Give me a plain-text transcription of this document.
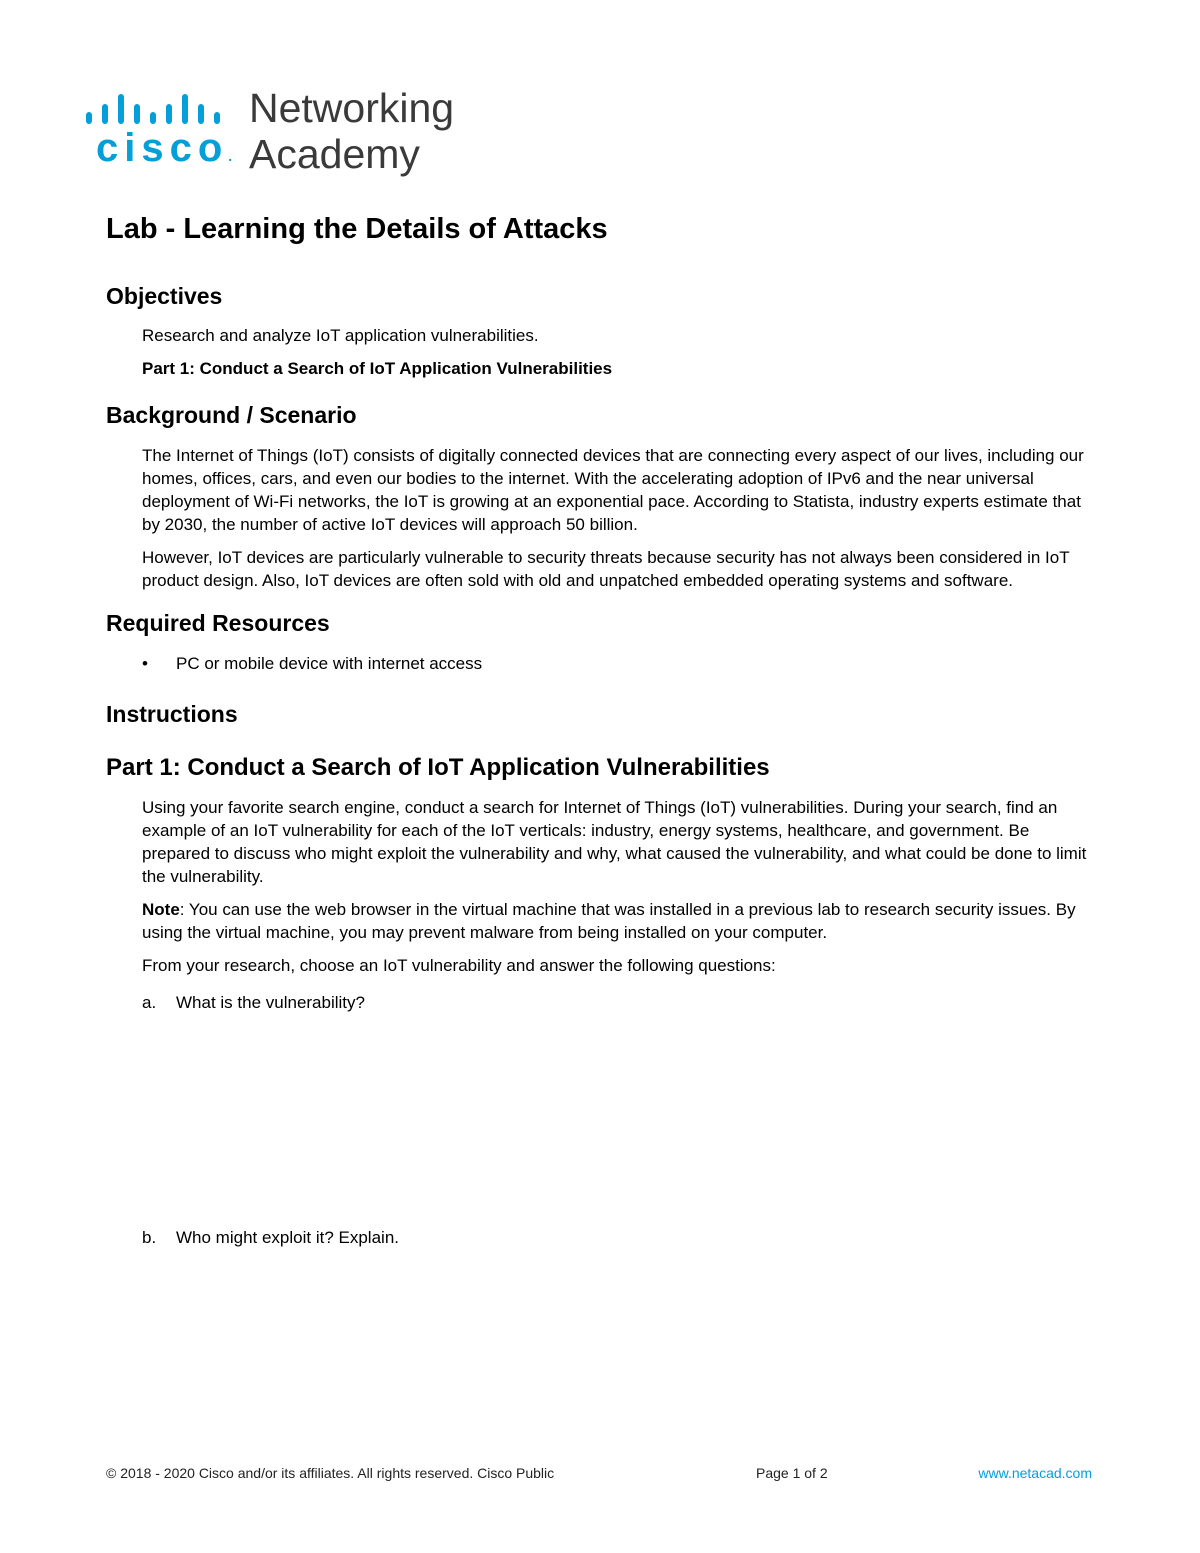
cisco.
Networking
Academy
Lab - Learning the Details of Attacks
Objectives

Research and analyze IoT application vulnerabilities.

Part 1: Conduct a Search of IoT Application Vulnerabilities

Background / Scenario

The Internet of Things (IoT) consists of digitally connected devices that are connecting every aspect of our lives, including our homes, offices, cars, and even our bodies to the internet. With the accelerating adoption of IPv6 and the near universal deployment of Wi-Fi networks, the IoT is growing at an exponential pace. According to Statista, industry experts estimate that by 2030, the number of active IoT devices will approach 50 billion.

However, IoT devices are particularly vulnerable to security threats because security has not always been considered in IoT product design. Also, IoT devices are often sold with old and unpatched embedded operating systems and software.

Required Resources
• PC or mobile device with internet access
Instructions
Part 1: Conduct a Search of IoT Application Vulnerabilities

Using your favorite search engine, conduct a search for Internet of Things (IoT) vulnerabilities. During your search, find an example of an IoT vulnerability for each of the IoT verticals: industry, energy systems, healthcare, and government. Be prepared to discuss who might exploit the vulnerability and why, what caused the vulnerability, and what could be done to limit the vulnerability.

Note: You can use the web browser in the virtual machine that was installed in a previous lab to research security issues. By using the virtual machine, you may prevent malware from being installed on your computer.

From your research, choose an IoT vulnerability and answer the following questions:

a. What is the vulnerability?
b. Who might exploit it? Explain.
© 2018 - 2020 Cisco and/or its affiliates. All rights reserved. Cisco Public	Page 1 of 2	www.netacad.com
